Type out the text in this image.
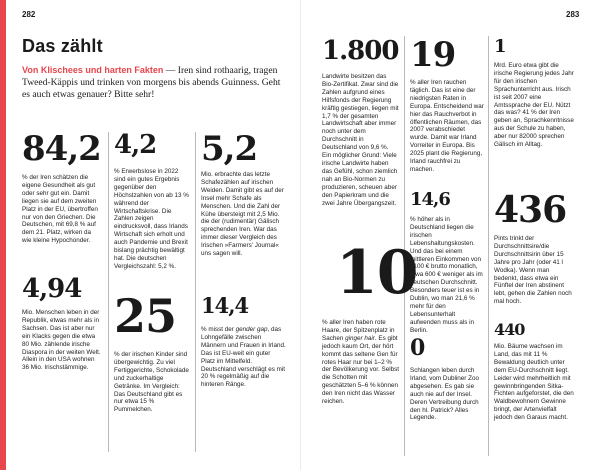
282	283
Das zählt
Von Klischees und harten Fakten — Iren sind rothaarig, tragen Tweed-Käppis und trinken von morgens bis abends Guinness. Geht es auch etwas genauer? Bitte sehr!
84,2
% der Iren schätzen die eigene Gesundheit als gut oder sehr gut ein. Damit liegen sie auf dem zweiten Platz in der EU, übertroffen nur von den Griechen. Die Deutschen, mit 69,8 % auf dem 21. Platz, wirken da wie kleine Hypochonder.
4,94
Mio. Menschen leben in der Republik, etwas mehr als in Sachsen. Das ist aber nur ein Klacks gegen die etwa 80 Mio. zählende irische Diaspora in der weiten Welt. Allein in den USA wohnen 36 Mio. Irischstämmige.
4,2
% Erwerbslose in 2022 sind ein gutes Ergebnis gegenüber den Höchstzahlen von ab 13 % während der Wirtschaftskrise. Die Zahlen zeigen eindrucksvoll, dass Irlands Wirtschaft sich erholt und auch Pandemie und Brexit bislang prächtig bewältigt hat. Die deutschen Vergleichszahl: 5,2 %.
25
% der irischen Kinder sind übergewichtig. Zu viel Fertiggerichte, Schokolade und zuckerhaltige Getränke. Im Vergleich: Das Deutschland gibt es nur etwa 15 % Pummelchen.
5,2
Mio. erbrachte das letzte Schafezählen auf irischen Weiden. Damit gibt es auf der Insel mehr Schafe als Menschen. Und die Zahl der Kühe übersteigt mit 2,5 Mio. die der (rudimentär) Gälisch sprechenden Iren. War das immer dieser Vergleich des Irischen »Farmers' Journal« uns sagen will.
14,4
% misst der gender gap, das Lohngefälle zwischen Männern und Frauen in Irland. Das ist EU-weit ein guter Platz im Mittelfeld. Deutschland verschlägt es mit 20 % regelmäßig auf die hinteren Ränge.
1.800
Landwirte besitzen das Bio-Zertifikat. Zwar sind die Zahlen aufgrund eines Hilfsfonds der Regierung kräftig gestiegen, liegen mit 1,7 % der gesamten Landwirtschaft aber immer noch unter dem Durchschnitt in Deutschland von 9,6 %. Ein möglicher Grund: Viele irische Landwirte haben das Gefühl, schon ziemlich nah an Bio-Normen zu produzieren, scheuen aber den Papierkram und die zwei Jahre Übergangszeit.
10
% aller Iren haben rote Haare, der Spitzenplatz in Sachen ginger hair. Es gibt jedoch kaum Ort, der hört kommt das seltene Gen für rotes Haar nur bei 1–2 % der Bevölkerung vor. Selbst die Schotten mit geschätzten 5–6 % können den Iren nicht das Wasser reichen.
19
% aller Iren rauchen täglich. Das ist eine der niedrigsten Raten in Europa. Entscheidend war hier das Rauchverbot in öffentlichen Räumen, das 2007 verabschiedet wurde. Damit war Irland Vorreiter in Europa. Bis 2025 plant die Regierung, Irland rauchfrei zu machen.
14,6
% höher als in Deutschland liegen die irischen Lebenshaltungskosten. Und das bei einem mittleren Einkommen von 3100 € brutto monatlich, etwa 600 € weniger als im deutschen Durchschnitt. Besonders teuer ist es in Dublin, wo man 21,6 % mehr für den Lebensunterhalt aufwenden muss als in Berlin.
0
Schlangen leben durch Irland, vom Dubliner Zoo abgesehen. Es gab sie auch nie auf der Insel. Deren Vertreibung durch den hl. Patrick? Alles Legende.
1
Mrd. Euro etwa gibt die irische Regierung jedes Jahr für den irischen Sprachunterricht aus. Irisch ist seit 2007 eine Amtssprache der EU. Nützt das was? 41 % der Iren geben an, Sprachkenntnisse aus der Schule zu haben, aber nur 82000 sprechen Gälisch im Alltag.
436
Pints trinkt der Durchschnittsire/die Durchschnittsirin über 15 Jahre pro Jahr (oder 41 l Wodka). Wenn man bedenkt, dass etwa ein Fünftel der Iren abstinent lebt, gehen die Zahlen noch mal hoch.
440
Mio. Bäume wachsen im Land, das mit 11 % Bewaldung deutlich unter dem EU-Durchschnitt liegt. Leider wird mehrheitlich mit gewinnbringenden Sitka-Fichten aufgeforstet, die den Waldbewohnern Gewinne bringt, der Artenvielfalt jedoch den Garaus macht.
